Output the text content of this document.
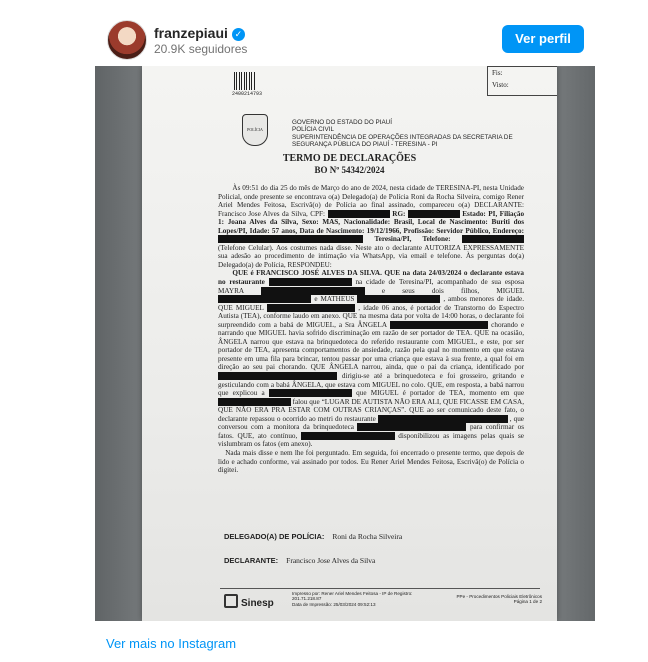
franzepiaui ✓
20.9K seguidores
Ver perfil
2400214793
Fis:
Visto:
POLÍCIA
GOVERNO DO ESTADO DO PIAUÍ
POLÍCIA CIVIL
SUPERINTENDÊNCIA DE OPERAÇÕES INTEGRADAS DA SECRETARIA DE
SEGURANÇA PÚBLICA DO PIAUÍ - TERESINA - PI
TERMO DE DECLARAÇÕES
BO Nº 54342/2024

  Às 09:51 do dia 25 do mês de Março do ano de 2024, nesta cidade de TERESINA-PI, nesta Unidade Policial, onde presente se encontrava o(a) Delegado(a) de Polícia Roni da Rocha Silveira, comigo Rener Ariel Mendes Feitosa, Escrivã(o) de Polícia ao final assinado, compareceu o(a) DECLARANTE: Francisco Jose Alves da Silva, CPF:	RG:	Estado: PI, Filiação 1: Joana Alves da Silva, Sexo: MAS, Nacionalidade: Brasil, Local de Nascimento: Buriti dos Lopes/PI, Idade: 57 anos, Data de Nascimento: 19/12/1966, Profissão: Servidor Público, Endereço: Teresina/PI, Telefone: (Telefone Celular). Aos costumes nada disse. Neste ato o declarante AUTORIZA EXPRESSAMENTE sua adesão ao procedimento de intimação via WhatsApp, via email e telefone. Às perguntas do(a) Delegado(a) de Polícia, RESPONDEU:

  QUE é FRANCISCO JOSÉ ALVES DA SILVA. QUE na data 24/03/2024 o declarante estava no restaurante	na cidade de Teresina/PI, acompanhado de sua esposa MAYRA	e seus dois filhos, MIGUEL e MATHEUS	, ambos menores de idade. QUE MIGUEL	, idade 06 anos, é portador de Transtorno do Espectro Autista (TEA), conforme laudo em anexo. QUE na mesma data por volta de 14:00 horas, o declarante foi surpreendido com a babá de MIGUEL, a Sra ÂNGELA	chorando e narrando que MIGUEL havia sofrido discriminação em razão de ser portador de TEA. QUE na ocasião, ÂNGELA narrou que estava na brinquedoteca do referido restaurante com MIGUEL, e este, por ser portador de TEA, apresenta comportamentos de ansiedade, razão pela qual no momento em que estava presente em uma fila para brincar, tentou passar por uma criança que estava à sua frente, a qual foi em direção ao seu pai chorando. QUE ÂNGELA narrou, ainda, que o pai da criança, identificado por dirigiu-se até a brinquedoteca e foi grosseiro, gritando e gesticulando com a babá ÂNGELA, que estava com MIGUEL no colo. QUE, em resposta, a babá narrou que explicou a	que MIGUEL é portador de TEA, momento em que falou que “LUGAR DE AUTISTA NÃO ERA ALI, QUE FICASSE EM CASA, QUE NÃO ERA PRA ESTAR COM OUTRAS CRIANÇAS”. QUE ao ser comunicado deste fato, o declarante repassou o ocorrido ao metri do restaurante	, que conversou com a monitora da brinquedoteca	para confirmar os fatos. QUE, ato contínuo,	disponibilizou as imagens pelas quais se vislumbram os fatos (em anexo).

 Nada mais disse e nem lhe foi perguntado. Em seguida, foi encerrado o presente termo, que depois de lido e achado conforme, vai assinado por todos. Eu Rener Ariel Mendes Feitosa, Escrivã(o) de Polícia o digitei.

DELEGADO(A) DE POLÍCIA: Roni da Rocha Silveira
DECLARANTE: Francisco Jose Alves da Silva
Sinesp
Impresso por: Rener Ariel Mendes Feitosa - IP de Registro:
201.71.218.87
Data de Impressão: 25/03/2024 09:52:13
PPe - Procedimentos Policiais Eletrônicos
Página 1 de 2
Ver mais no Instagram
